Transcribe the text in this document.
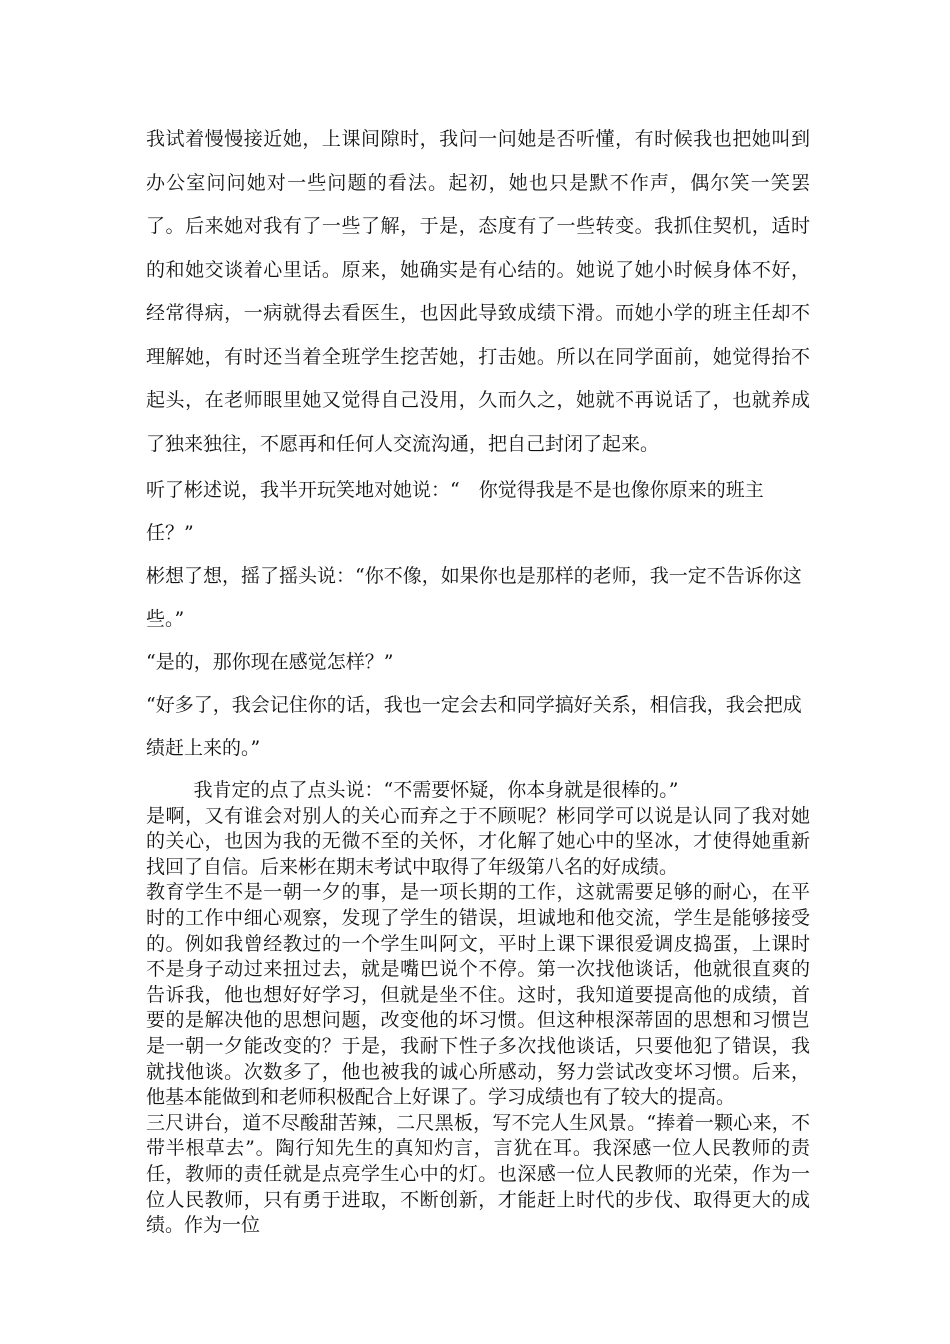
我试着慢慢接近她，上课间隙时，我问一问她是否听懂，有时候我也把她叫到办公室问问她对一些问题的看法。起初，她也只是默不作声，偶尔笑一笑罢了。后来她对我有了一些了解，于是，态度有了一些转变。我抓住契机，适时的和她交谈着心里话。原来，她确实是有心结的。她说了她小时候身体不好，经常得病，一病就得去看医生，也因此导致成绩下滑。而她小学的班主任却不理解她，有时还当着全班学生挖苦她，打击她。所以在同学面前，她觉得抬不起头，在老师眼里她又觉得自己没用，久而久之，她就不再说话了，也就养成了独来独往，不愿再和任何人交流沟通，把自己封闭了起来。

听了彬述说，我半开玩笑地对她说：“　你觉得我是不是也像你原来的班主任？”

彬想了想，摇了摇头说：“你不像，如果你也是那样的老师，我一定不告诉你这些。”

“是的，那你现在感觉怎样？”

“好多了，我会记住你的话，我也一定会去和同学搞好关系，相信我，我会把成绩赶上来的。”

我肯定的点了点头说：“不需要怀疑，你本身就是很棒的。”

是啊，又有谁会对别人的关心而弃之于不顾呢？彬同学可以说是认同了我对她的关心，也因为我的无微不至的关怀，才化解了她心中的坚冰，才使得她重新找回了自信。后来彬在期末考试中取得了年级第八名的好成绩。

教育学生不是一朝一夕的事，是一项长期的工作，这就需要足够的耐心，在平时的工作中细心观察，发现了学生的错误，坦诚地和他交流，学生是能够接受的。例如我曾经教过的一个学生叫阿文，平时上课下课很爱调皮捣蛋，上课时不是身子动过来扭过去，就是嘴巴说个不停。第一次找他谈话，他就很直爽的告诉我，他也想好好学习，但就是坐不住。这时，我知道要提高他的成绩，首要的是解决他的思想问题，改变他的坏习惯。但这种根深蒂固的思想和习惯岂是一朝一夕能改变的？于是，我耐下性子多次找他谈话，只要他犯了错误，我就找他谈。次数多了，他也被我的诚心所感动，努力尝试改变坏习惯。后来，他基本能做到和老师积极配合上好课了。学习成绩也有了较大的提高。

三尺讲台，道不尽酸甜苦辣，二尺黑板，写不完人生风景。“捧着一颗心来，不带半根草去”。陶行知先生的真知灼言，言犹在耳。我深感一位人民教师的责任，教师的责任就是点亮学生心中的灯。也深感一位人民教师的光荣，作为一位人民教师，只有勇于进取，不断创新，才能赶上时代的步伐、取得更大的成绩。作为一位
